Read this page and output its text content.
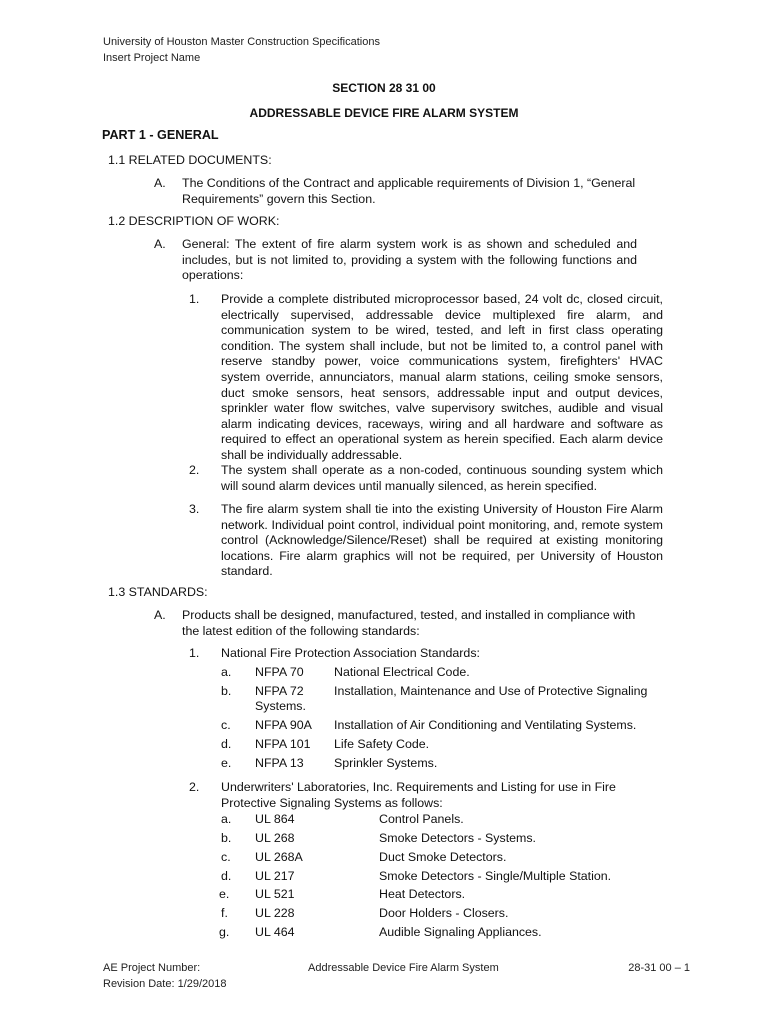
University of Houston Master Construction Specifications
Insert Project Name
SECTION 28 31 00
ADDRESSABLE DEVICE FIRE ALARM SYSTEM
PART 1 - GENERAL
1.1 RELATED DOCUMENTS:
A. The Conditions of the Contract and applicable requirements of Division 1, “General Requirements” govern this Section.
1.2 DESCRIPTION OF WORK:
A. General: The extent of fire alarm system work is as shown and scheduled and includes, but is not limited to, providing a system with the following functions and operations:
1. Provide a complete distributed microprocessor based, 24 volt dc, closed circuit, electrically supervised, addressable device multiplexed fire alarm, and communication system to be wired, tested, and left in first class operating condition. The system shall include, but not be limited to, a control panel with reserve standby power, voice communications system, firefighters' HVAC system override, annunciators, manual alarm stations, ceiling smoke sensors, duct smoke sensors, heat sensors, addressable input and output devices, sprinkler water flow switches, valve supervisory switches, audible and visual alarm indicating devices, raceways, wiring and all hardware and software as required to effect an operational system as herein specified. Each alarm device shall be individually addressable.
2. The system shall operate as a non-coded, continuous sounding system which will sound alarm devices until manually silenced, as herein specified.
3. The fire alarm system shall tie into the existing University of Houston Fire Alarm network. Individual point control, individual point monitoring, and, remote system control (Acknowledge/Silence/Reset) shall be required at existing monitoring locations. Fire alarm graphics will not be required, per University of Houston standard.
1.3 STANDARDS:
A. Products shall be designed, manufactured, tested, and installed in compliance with the latest edition of the following standards:
1. National Fire Protection Association Standards:
a. NFPA 70 National Electrical Code.
b. NFPA 72 Installation, Maintenance and Use of Protective Signaling
Systems.
c. NFPA 90A Installation of Air Conditioning and Ventilating Systems.
d. NFPA 101 Life Safety Code.
e. NFPA 13 Sprinkler Systems.
2. Underwriters' Laboratories, Inc. Requirements and Listing for use in Fire Protective Signaling Systems as follows:
a. UL 864	Control Panels.
b. UL 268	Smoke Detectors - Systems.
c. UL 268A	Duct Smoke Detectors.
d. UL 217	Smoke Detectors - Single/Multiple Station.
e. UL 521	Heat Detectors.
f. UL 228	Door Holders - Closers.
g. UL 464	Audible Signaling Appliances.
AE Project Number:
Revision Date: 1/29/2018
Addressable Device Fire Alarm System	28-31 00 – 1
